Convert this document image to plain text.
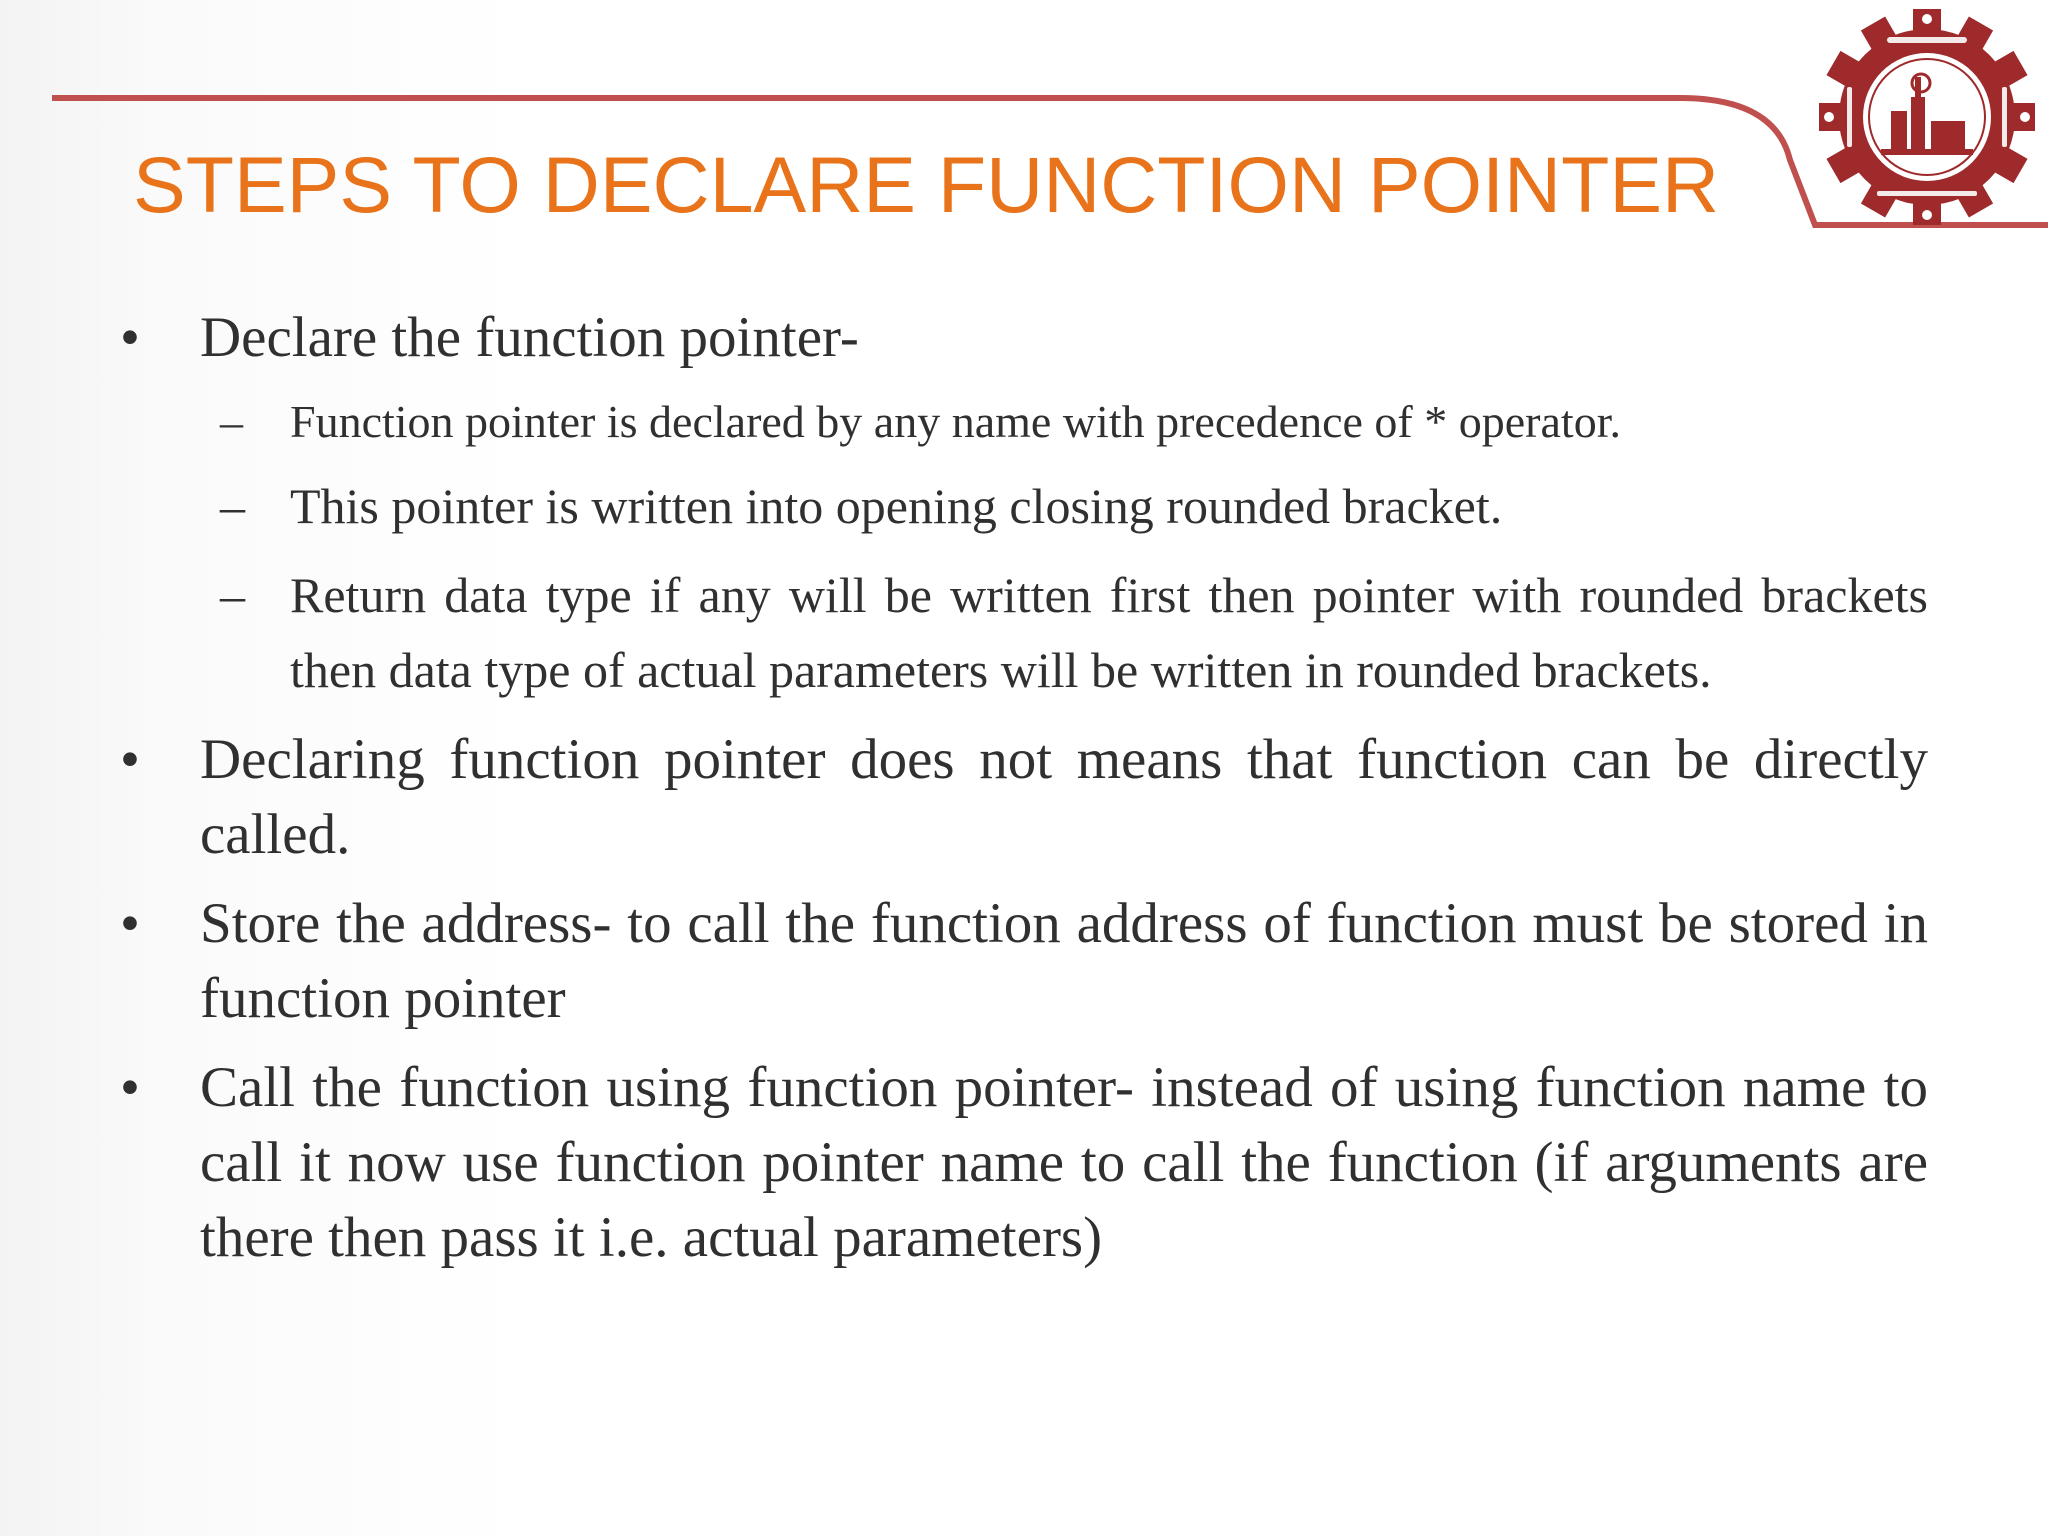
STEPS TO DECLARE FUNCTION POINTER
• Declare the function pointer-
– Function pointer is declared by any name with precedence of * operator.
– This pointer is written into opening closing rounded bracket.
– Return data type if any will be written first then pointer with rounded brackets then data type of actual parameters will be written in rounded brackets.
• Declaring function pointer does not means that function can be directly called.
• Store the address- to call the function address of function must be stored in function pointer
• Call the function using function pointer- instead of using function name to call it now use function pointer name to call the function (if arguments are there then pass it i.e. actual parameters)
